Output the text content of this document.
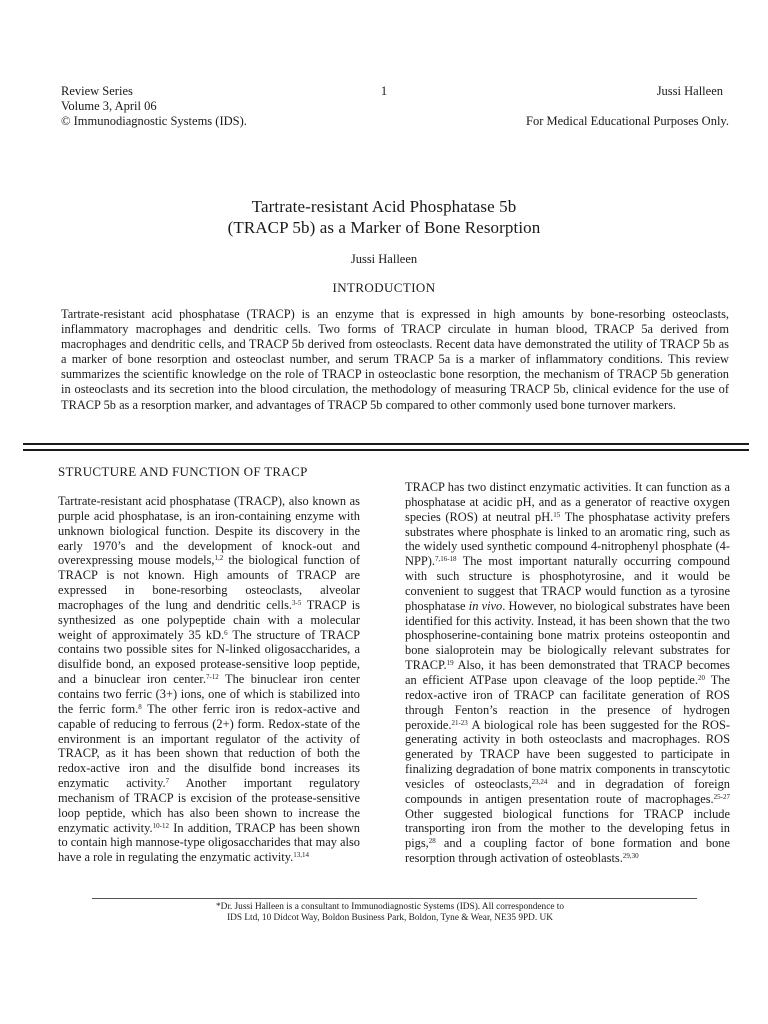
Review Series
Volume 3, April 06
© Immunodiagnostic Systems (IDS).
1	Jussi Halleen
For Medical Educational Purposes Only.
Tartrate-resistant Acid Phosphatase 5b
(TRACP 5b) as a Marker of Bone Resorption
Jussi Halleen
INTRODUCTION
Tartrate-resistant acid phosphatase (TRACP) is an enzyme that is expressed in high amounts by bone-resorbing osteoclasts, inflammatory macrophages and dendritic cells. Two forms of TRACP circulate in human blood, TRACP 5a derived from macrophages and dendritic cells, and TRACP 5b derived from osteoclasts. Recent data have demonstrated the utility of TRACP 5b as a marker of bone resorption and osteoclast number, and serum TRACP 5a is a marker of inflammatory conditions. This review summarizes the scientific knowledge on the role of TRACP in osteoclastic bone resorption, the mechanism of TRACP 5b generation in osteoclasts and its secretion into the blood circulation, the methodology of measuring TRACP 5b, clinical evidence for the use of TRACP 5b as a resorption marker, and advantages of TRACP 5b compared to other commonly used bone turnover markers.
STRUCTURE AND FUNCTION OF TRACP
Tartrate-resistant acid phosphatase (TRACP), also known as purple acid phosphatase, is an iron-containing enzyme with unknown biological function. Despite its discovery in the early 1970’s and the development of knock-out and overexpressing mouse models,$^{1,2}$ the biological function of TRACP is not known. High amounts of TRACP are expressed in bone-resorbing osteoclasts, alveolar macrophages of the lung and dendritic cells.$^{3-5}$ TRACP is synthesized as one polypeptide chain with a molecular weight of approximately 35 kD.$^6$ The structure of TRACP contains two possible sites for N-linked oligosaccharides, a disulfide bond, an exposed protease-sensitive loop peptide, and a binuclear iron center.$^{7-12}$ The binuclear iron center contains two ferric (3+) ions, one of which is stabilized into the ferric form.$^8$ The other ferric iron is redox-active and capable of reducing to ferrous (2+) form. Redox-state of the environment is an important regulator of the activity of TRACP, as it has been shown that reduction of both the redox-active iron and the disulfide bond increases its enzymatic activity.$^7$ Another important regulatory mechanism of TRACP is excision of the protease-sensitive loop peptide, which has also been shown to increase the enzymatic activity.$^{10-12}$ In addition, TRACP has been shown to contain high mannose-type oligosaccharides that may also have a role in regulating the enzymatic activity.$^{13,14}$
TRACP has two distinct enzymatic activities. It can function as a phosphatase at acidic pH, and as a generator of reactive oxygen species (ROS) at neutral pH.$^{15}$ The phosphatase activity prefers substrates where phosphate is linked to an aromatic ring, such as the widely used synthetic compound 4-nitrophenyl phosphate (4-NPP).$^{7,16-18}$ The most important naturally occurring compound with such structure is phosphotyrosine, and it would be convenient to suggest that TRACP would function as a tyrosine phosphatase in vivo. However, no biological substrates have been identified for this activity. Instead, it has been shown that the two phosphoserine-containing bone matrix proteins osteopontin and bone sialoprotein may be biologically relevant substrates for TRACP.$^{19}$ Also, it has been demonstrated that TRACP becomes an efficient ATPase upon cleavage of the loop peptide.$^{20}$ The redox-active iron of TRACP can facilitate generation of ROS through Fenton’s reaction in the presence of hydrogen peroxide.$^{21-23}$ A biological role has been suggested for the ROS-generating activity in both osteoclasts and macrophages. ROS generated by TRACP have been suggested to participate in finalizing degradation of bone matrix components in transcytotic vesicles of osteoclasts,$^{23,24}$ and in degradation of foreign compounds in antigen presentation route of macrophages.$^{25-27}$ Other suggested biological functions for TRACP include transporting iron from the mother to the developing fetus in pigs,$^{28}$ and a coupling factor of bone formation and bone resorption through activation of osteoblasts.$^{29,30}$
*Dr. Jussi Halleen is a consultant to Immunodiagnostic Systems (IDS). All correspondence to
IDS Ltd, 10 Didcot Way, Boldon Business Park, Boldon, Tyne & Wear, NE35 9PD. UK
